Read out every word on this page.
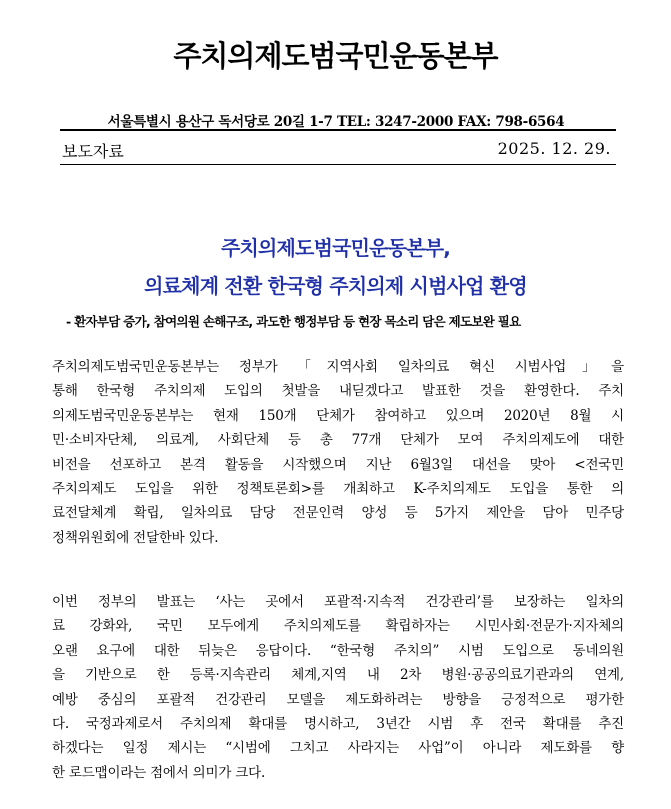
주치의제도범국민운동본부
서울특별시 용산구 독서당로 20길 1-7 TEL: 3247-2000 FAX: 798-6564
보도자료	2025. 12. 29.
주치의제도범국민운동본부,
의료체계 전환 한국형 주치의제 시범사업 환영
- 환자부담 증가, 참여의원 손해구조, 과도한 행정부담 등 현장 목소리 담은 제도보완 필요
주치의제도범국민운동본부는 정부가 「지역사회 일차의료 혁신 시범사업」을
통해 한국형 주치의제 도입의 첫발을 내딛겠다고 발표한 것을 환영한다. 주치
의제도범국민운동본부는 현재 150개 단체가 참여하고 있으며 2020년 8월 시
민·소비자단체, 의료계, 사회단체 등 총 77개 단체가 모여 주치의제도에 대한
비전을 선포하고 본격 활동을 시작했으며 지난 6월3일 대선을 맞아 <전국민
주치의제도 도입을 위한 정책토론회>를 개최하고 K-주치의제도 도입을 통한 의
료전달체계 확립, 일차의료 담당 전문인력 양성 등 5가지 제안을 담아 민주당
정책위원회에 전달한바 있다.
이번 정부의 발표는 ‘사는 곳에서 포괄적·지속적 건강관리’를 보장하는 일차의
료 강화와, 국민 모두에게 주치의제도를 확립하자는 시민사회·전문가·지자체의
오랜 요구에 대한 뒤늦은 응답이다. “한국형 주치의” 시범 도입으로 동네의원
을 기반으로 한 등록·지속관리 체계,지역 내 2차 병원·공공의료기관과의 연계,
예방 중심의 포괄적 건강관리 모델을 제도화하려는 방향을 긍정적으로 평가한
다. 국정과제로서 주치의제 확대를 명시하고, 3년간 시범 후 전국 확대를 추진
하겠다는 일정 제시는 “시범에 그치고 사라지는 사업”이 아니라 제도화를 향
한 로드맵이라는 점에서 의미가 크다.
